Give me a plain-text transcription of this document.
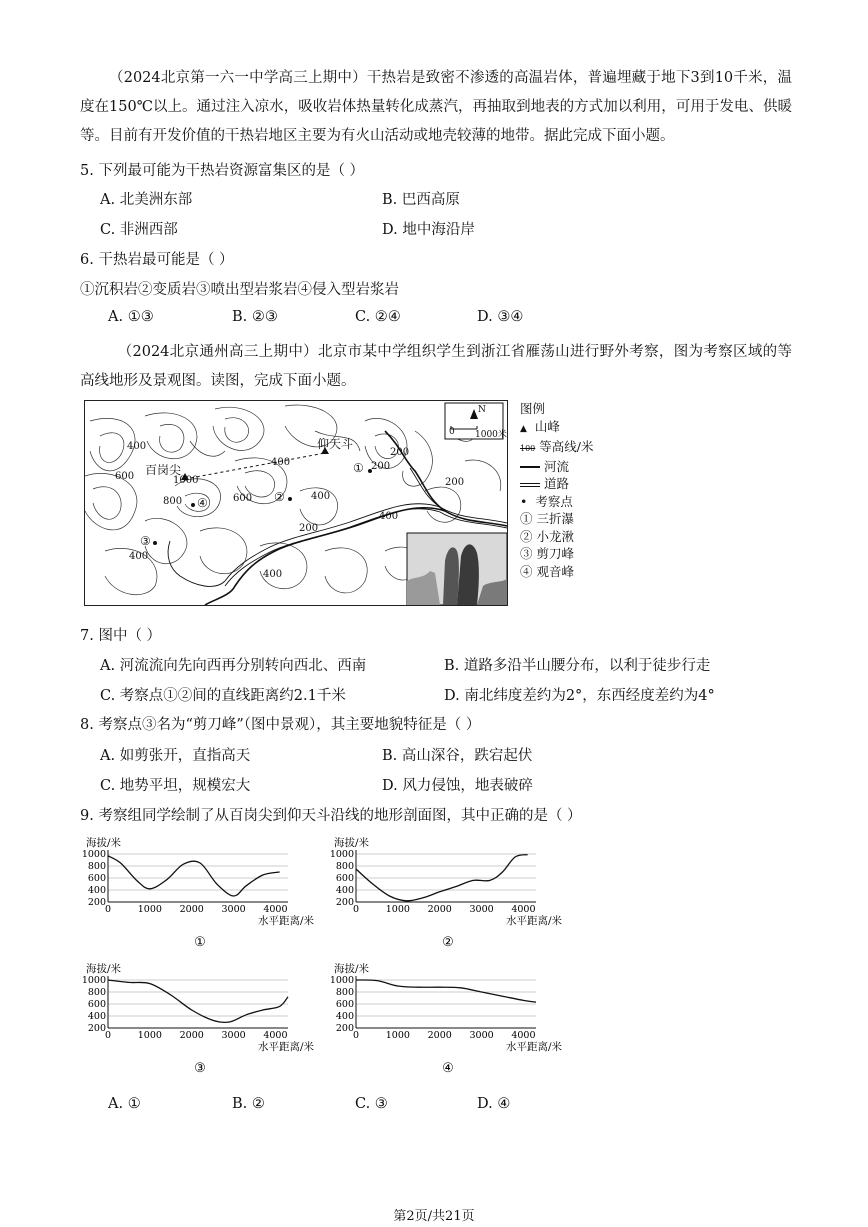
（2024北京第一六一中学高三上期中）干热岩是致密不渗透的高温岩体，普遍埋藏于地下3到10千米，温度在150℃以上。通过注入凉水，吸收岩体热量转化成蒸汽，再抽取到地表的方式加以利用，可用于发电、供暖等。目前有开发价值的干热岩地区主要为有火山活动或地壳较薄的地带。据此完成下面小题。
5. 下列最可能为干热岩资源富集区的是（ ）
A. 北美洲东部	B. 巴西高原
C. 非洲西部	D. 地中海沿岸
6. 干热岩最可能是（ ）
①沉积岩②变质岩③喷出型岩浆岩④侵入型岩浆岩
A. ①③	B. ②③	C. ②④	D. ③④
（2024北京通州高三上期中）北京市某中学组织学生到浙江省雁荡山进行野外考察，图为考察区域的等高线地形及景观图。读图，完成下面小题。
百岗尖
仰天斗
1000
600
600
800
400
400
400
400
400
400
200
200
200
200
①
②
③
④
N
0 1000米
图例
▲ 山峰
100 等高线/米
河流
道路
• 考察点
① 三折瀑
② 小龙湫
③ 剪刀峰
④ 观音峰
7. 图中（ ）
A. 河流流向先向西再分别转向西北、西南	B. 道路多沿半山腰分布，以利于徒步行走
C. 考察点①②间的直线距离约2.1千米	D. 南北纬度差约为2°，东西经度差约为4°
8. 考察点③名为“剪刀峰”（图中景观），其主要地貌特征是（ ）
A. 如剪张开，直指高天	B. 高山深谷，跌宕起伏
C. 地势平坦，规模宏大	D. 风力侵蚀，地表破碎
9. 考察组同学绘制了从百岗尖到仰天斗沿线的地形剖面图，其中正确的是（ ）
海拔/米
1000
800
600
400
200
0	1000 2000 3000 4000
水平距离/米
①
海拔/米
1000
800
600
400
200
0	1000 2000 3000 4000
水平距离/米
②
海拔/米
1000
800
600
400
200
0	1000 2000 3000 4000
水平距离/米
③
海拔/米
1000
800
600
400
200
0	1000 2000 3000 4000
水平距离/米
④
A. ①	B. ②	C. ③	D. ④
第2页/共21页
